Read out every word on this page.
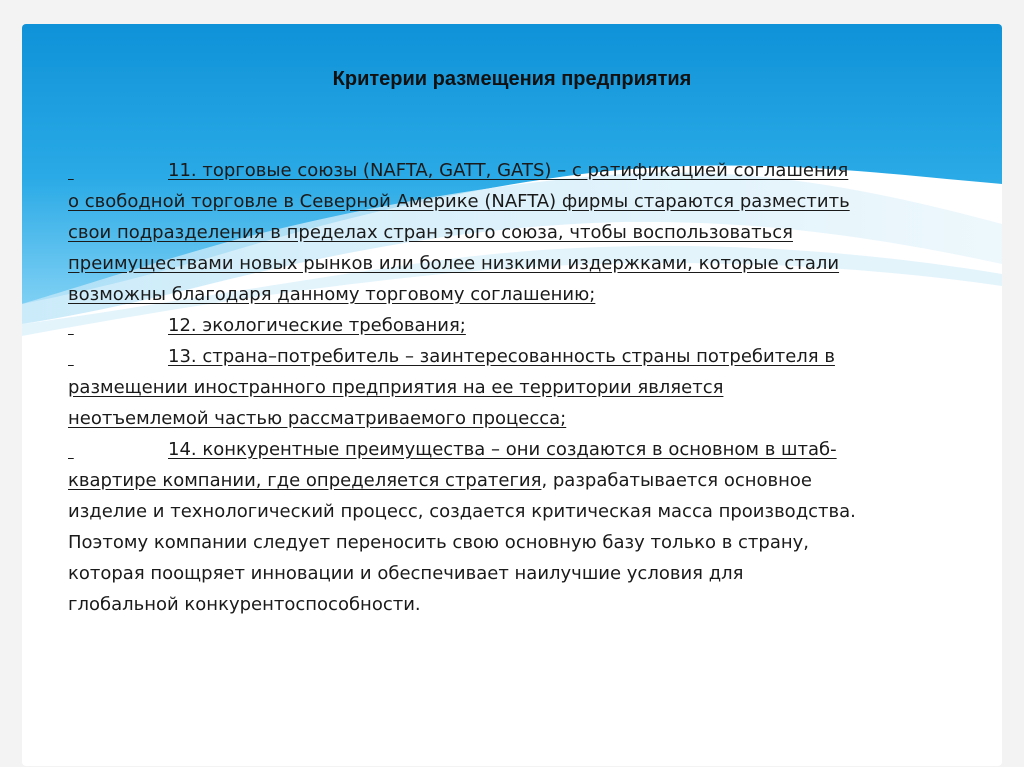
Критерии размещения предприятия
11. торговые союзы (NAFTA, GATT, GATS) – с ратификацией соглашения
о свободной торговле в Северной Америке (NAFTA) фирмы стараются разместить
свои подразделения в пределах стран этого союза, чтобы воспользоваться
преимуществами новых рынков или более низкими издержками, которые стали
возможны благодаря данному торговому соглашению;
12. экологические требования;
13. страна–потребитель – заинтересованность страны потребителя в
размещении иностранного предприятия на ее территории является
неотъемлемой частью рассматриваемого процесса;
14. конкурентные преимущества – они создаются в основном в штаб-
квартире компании, где определяется стратегия, разрабатывается основное
изделие и технологический процесс, создается критическая масса производства.
Поэтому компании следует переносить свою основную базу только в страну,
которая поощряет инновации и обеспечивает наилучшие условия для
глобальной конкурентоспособности.
